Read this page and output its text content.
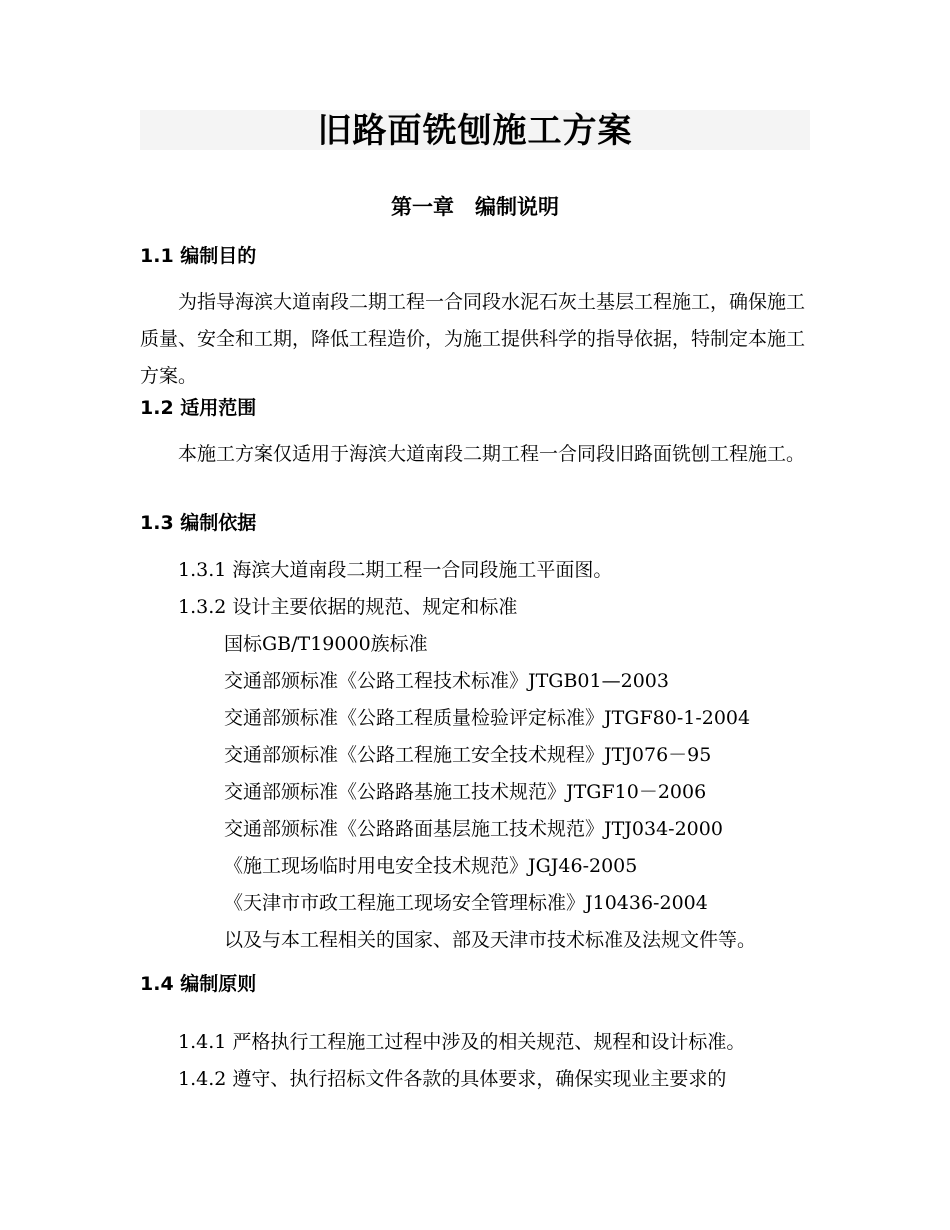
旧路面铣刨施工方案
第一章　编制说明
1.1 编制目的

为指导海滨大道南段二期工程一合同段水泥石灰土基层工程施工，确保施工质量、安全和工期，降低工程造价，为施工提供科学的指导依据，特制定本施工方案。

1.2 适用范围

本施工方案仅适用于海滨大道南段二期工程一合同段旧路面铣刨工程施工。

1.3 编制依据
1.3.1 海滨大道南段二期工程一合同段施工平面图。
1.3.2 设计主要依据的规范、规定和标准
国标GB/T19000族标准
交通部颁标准《公路工程技术标准》JTGB01—2003
交通部颁标准《公路工程质量检验评定标准》JTGF80-1-2004
交通部颁标准《公路工程施工安全技术规程》JTJ076－95
交通部颁标准《公路路基施工技术规范》JTGF10－2006
交通部颁标准《公路路面基层施工技术规范》JTJ034-2000
《施工现场临时用电安全技术规范》JGJ46-2005
《天津市市政工程施工现场安全管理标准》J10436-2004
以及与本工程相关的国家、部及天津市技术标准及法规文件等。
1.4 编制原则
1.4.1 严格执行工程施工过程中涉及的相关规范、规程和设计标准。
1.4.2 遵守、执行招标文件各款的具体要求，确保实现业主要求的
